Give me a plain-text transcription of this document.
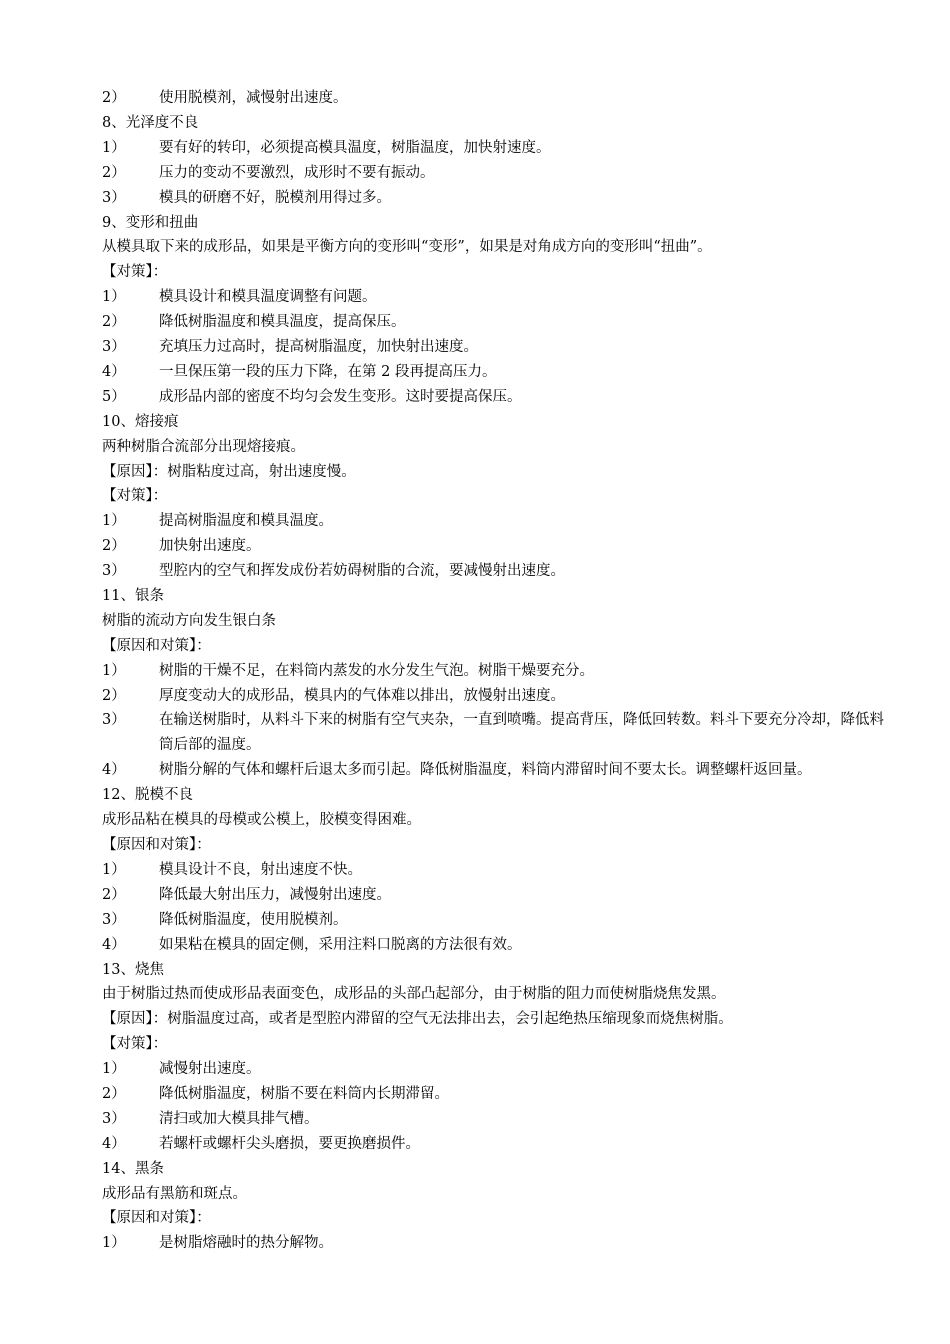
2）	使用脱模剂，减慢射出速度。
8、光泽度不良
1）	要有好的转印，必须提高模具温度，树脂温度，加快射速度。
2）	压力的变动不要激烈，成形时不要有振动。
3）	模具的研磨不好，脱模剂用得过多。
9、变形和扭曲
从模具取下来的成形品，如果是平衡方向的变形叫“变形”，如果是对角成方向的变形叫“扭曲”。
【对策】：
1）	模具设计和模具温度调整有问题。
2）	降低树脂温度和模具温度，提高保压。
3）	充填压力过高时，提高树脂温度，加快射出速度。
4）	一旦保压第一段的压力下降，在第 2 段再提高压力。
5）	成形品内部的密度不均匀会发生变形。这时要提高保压。
10、熔接痕
两种树脂合流部分出现熔接痕。
【原因】：树脂粘度过高，射出速度慢。
【对策】：
1）	提高树脂温度和模具温度。
2）	加快射出速度。
3）	型腔内的空气和挥发成份若妨碍树脂的合流，要减慢射出速度。
11、银条
树脂的流动方向发生银白条
【原因和对策】：
1）	树脂的干燥不足，在料筒内蒸发的水分发生气泡。树脂干燥要充分。
2）	厚度变动大的成形品，模具内的气体难以排出，放慢射出速度。
3）	在输送树脂时，从料斗下来的树脂有空气夹杂，一直到喷嘴。提高背压，降低回转数。料斗下要充分冷却，降低料筒后部的温度。
4）	树脂分解的气体和螺杆后退太多而引起。降低树脂温度，料筒内滞留时间不要太长。调整螺杆返回量。
12、脱模不良
成形品粘在模具的母模或公模上，胶模变得困难。
【原因和对策】：
1）	模具设计不良，射出速度不快。
2）	降低最大射出压力，减慢射出速度。
3）	降低树脂温度，使用脱模剂。
4）	如果粘在模具的固定侧，采用注料口脱离的方法很有效。
13、烧焦
由于树脂过热而使成形品表面变色，成形品的头部凸起部分，由于树脂的阻力而使树脂烧焦发黑。
【原因】：树脂温度过高，或者是型腔内滞留的空气无法排出去，会引起绝热压缩现象而烧焦树脂。
【对策】：
1）	减慢射出速度。
2）	降低树脂温度，树脂不要在料筒内长期滞留。
3）	清扫或加大模具排气槽。
4）	若螺杆或螺杆尖头磨损，要更换磨损件。
14、黑条
成形品有黑筋和斑点。
【原因和对策】：
1）	是树脂熔融时的热分解物。
